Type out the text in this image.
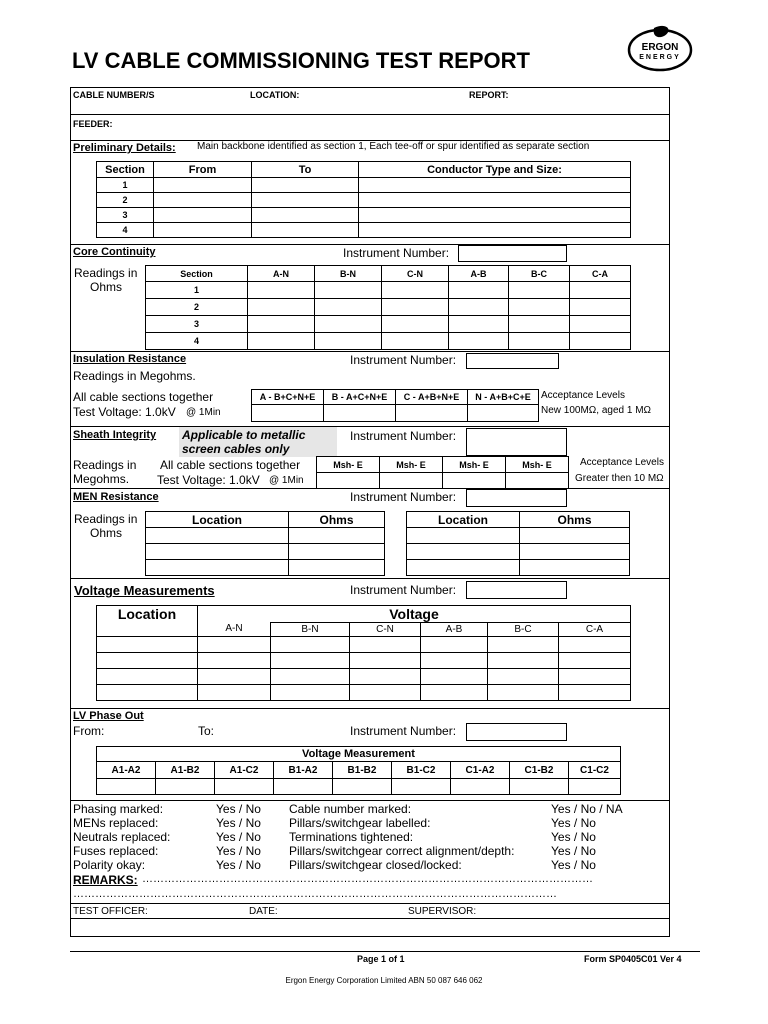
LV CABLE COMMISSIONING TEST REPORT
ERGON
ENERGY
CABLE NUMBER/S	LOCATION:	REPORT:
FEEDER:
Preliminary Details: Main backbone identified as section 1, Each tee-off or spur identified as separate section
Section	From	To	Conductor Type and Size:
1			
2			
3			
4			
Core Continuity	Instrument Number:
Readings in
Ohms
Section	A-N	B-N	C-N	A-B	B-C	C-A
1						
2						
3						
4						
Insulation Resistance	Instrument Number:
Readings in Megohms.
All cable sections together
Test Voltage: 1.0kV @ 1Min
A - B+C+N+E	B - A+C+N+E	C - A+B+N+E	N - A+B+C+E
			Acceptance Levels
New 100MΩ, aged 1 MΩ
Sheath Integrity Applicable to metallic
screen cables only
Instrument Number:
Readings in
Megohms.
All cable sections together
Test Voltage: 1.0kV @ 1Min
Msh- E	Msh- E	Msh- E	Msh- E
				Acceptance Levels
Greater then 10 MΩ
MEN Resistance	Instrument Number:
Readings in
Ohms
Location	Ohms

		Location	Ohms

Voltage Measurements	Instrument Number:
Location	Voltage					
	A-N	B-N	C-N	A-B	B-C	C-A

LV Phase Out
From:	To:	Instrument Number:
Voltage Measurement								
A1-A2	A1-B2	A1-C2	B1-A2	B1-B2	B1-C2	C1-A2	C1-B2	C1-C2

Phasing marked:	Yes / No Cable number marked:	Yes / No / NA
MENs replaced:	Yes / No Pillars/switchgear labelled:	Yes / No
Neutrals replaced:	Yes / No Terminations tightened:	Yes / No
Fuses replaced:	Yes / No Pillars/switchgear correct alignment/depth:	Yes / No
Polarity okay:	Yes / No Pillars/switchgear closed/locked:	Yes / No
REMARKS: ……………………………………………………………………………………………………………
……………………………………………………………………………………………………………………
TEST OFFICER:	DATE:	SUPERVISOR:
Page 1 of 1	Form SP0405C01 Ver 4
Ergon Energy Corporation Limited ABN 50 087 646 062
